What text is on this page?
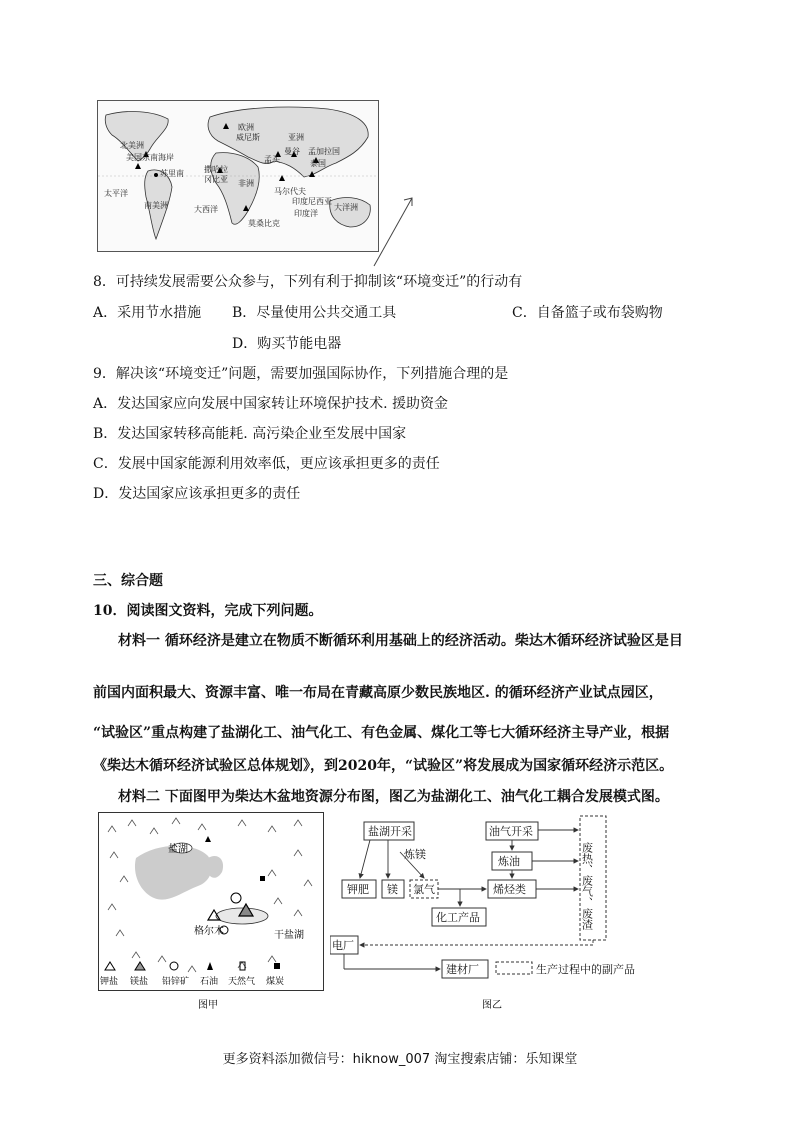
北美洲
美国东南海岸
欧洲
威尼斯	亚洲
曼谷
孟买
孟加拉国
泰国
太平洋
苏里南	撒哈拉
冈比亚 非洲
南美洲	大西洋
马尔代夫
印度尼西亚
莫桑比克
印度洋
大洋洲
8．可持续发展需要公众参与，下列有利于抑制该“环境变迁”的行动有
A．采用节水措施 B．尽量使用公共交通工具	C．自备篮子或布袋购物
D．购买节能电器
9．解决该“环境变迁”问题，需要加强国际协作，下列措施合理的是
A．发达国家应向发展中国家转让环境保护技术. 援助资金
B．发达国家转移高能耗. 高污染企业至发展中国家
C．发展中国家能源利用效率低，更应该承担更多的责任
D．发达国家应该承担更多的责任
三、综合题
10．阅读图文资料，完成下列问题。
材料一 循环经济是建立在物质不断循环利用基础上的经济活动。柴达木循环经济试验区是目
前国内面积最大、资源丰富、唯一布局在青藏高原少数民族地区. 的循环经济产业试点园区，
“试验区”重点构建了盐湖化工、油气化工、有色金属、煤化工等七大循环经济主导产业，根据
《柴达木循环经济试验区总体规划》，到2020年，“试验区”将发展成为国家循环经济示范区。
材料二 下面图甲为柴达木盆地资源分布图，图乙为盐湖化工、油气化工耦合发展模式图。
盐湖
格尔木	干盐湖
钾盐 镁盐 铅锌矿 石油 天然气 煤炭
图甲
盐湖开采
炼镁
钾肥 镁 氯气
油气开采
炼油
烯烃类
化工产品	废热、废气、废渣
电厂
建材厂	生产过程中的副产品
图乙
更多资料添加微信号：hiknow_007 淘宝搜索店铺：乐知课堂
